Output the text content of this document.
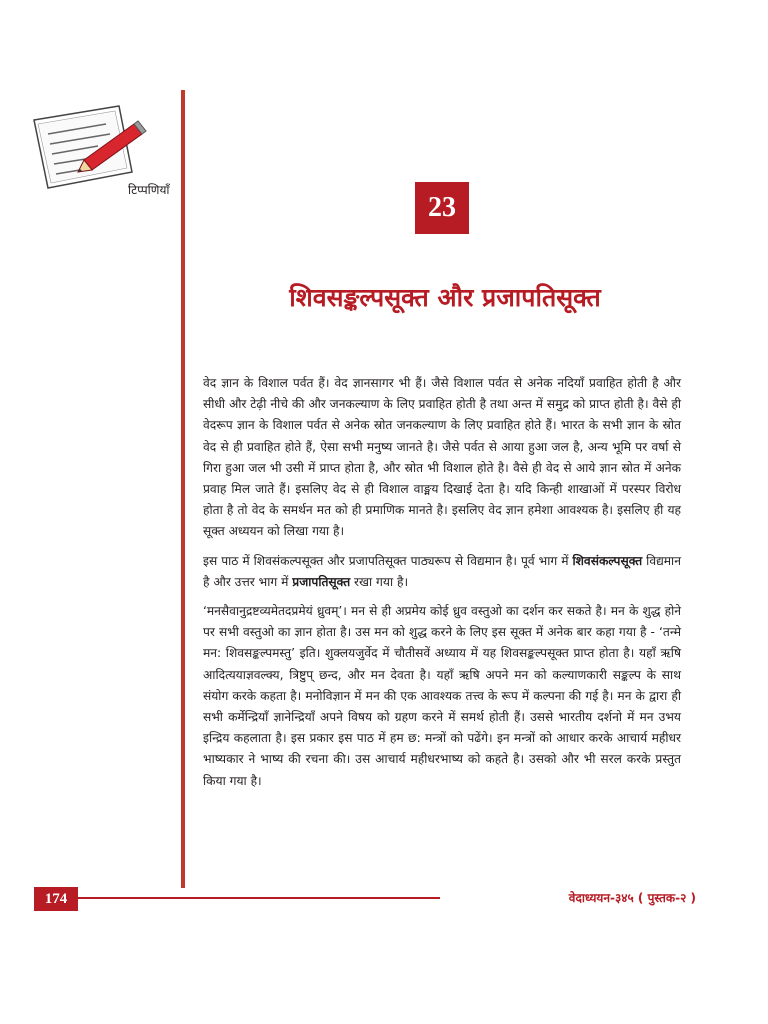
टिप्पणियाँ
23
शिवसङ्कल्पसूक्त और प्रजापतिसूक्त

वेद ज्ञान के विशाल पर्वत हैं। वेद ज्ञानसागर भी हैं। जैसे विशाल पर्वत से अनेक नदियाँ प्रवाहित होती है और सीधी और टेढ़ी नीचे की और जनकल्याण के लिए प्रवाहित होती है तथा अन्त में समुद्र को प्राप्त होती है। वैसे ही वेदरूप ज्ञान के विशाल पर्वत से अनेक स्रोत जनकल्याण के लिए प्रवाहित होते हैं। भारत के सभी ज्ञान के स्रोत वेद से ही प्रवाहित होते हैं, ऐसा सभी मनुष्य जानते है। जैसे पर्वत से आया हुआ जल है, अन्य भूमि पर वर्षा से गिरा हुआ जल भी उसी में प्राप्त होता है, और स्रोत भी विशाल होते है। वैसे ही वेद से आये ज्ञान स्रोत में अनेक प्रवाह मिल जाते हैं। इसलिए वेद से ही विशाल वाङ्मय दिखाई देता है। यदि किन्ही शाखाओं में परस्पर विरोध होता है तो वेद के समर्थन मत को ही प्रमाणिक मानते है। इसलिए वेद ज्ञान हमेशा आवश्यक है। इसलिए ही यह सूक्त अध्ययन को लिखा गया है।

इस पाठ में शिवसंकल्पसूक्त और प्रजापतिसूक्त पाठ्यरूप से विद्यमान है। पूर्व भाग में शिवसंकल्पसूक्त विद्यमान है और उत्तर भाग में प्रजापतिसूक्त रखा गया है।

‘मनसैवानुद्रष्टव्यमेतदप्रमेयं ध्रुवम्’। मन से ही अप्रमेय कोई ध्रुव वस्तुओ का दर्शन कर सकते है। मन के शुद्ध होने पर सभी वस्तुओ का ज्ञान होता है। उस मन को शुद्ध करने के लिए इस सूक्त में अनेक बार कहा गया है - ‘तन्मे मन: शिवसङ्कल्पमस्तु’ इति। शुक्लयजुर्वेद में चौतीसवें अध्याय में यह शिवसङ्कल्पसूक्त प्राप्त होता है। यहाँ ऋषि आदित्ययाज्ञवल्क्य, त्रिष्टुप् छन्द, और मन देवता है। यहाँ ऋषि अपने मन को कल्याणकारी सङ्कल्प के साथ संयोग करके कहता है। मनोविज्ञान में मन की एक आवश्यक तत्त्व के रूप में कल्पना की गई है। मन के द्वारा ही सभी कर्मेन्द्रियाँ ज्ञानेन्द्रियाँ अपने विषय को ग्रहण करने में समर्थ होती हैं। उससे भारतीय दर्शनो में मन उभय इन्द्रिय कहलाता है। इस प्रकार इस पाठ में हम छ: मन्त्रों को पढेंगे। इन मन्त्रों को आधार करके आचार्य महीधर भाष्यकार ने भाष्य की रचना की। उस आचार्य महीधरभाष्य को कहते है। उसको और भी सरल करके प्रस्तुत किया गया है।

174	वेदाध्ययन-३४५ ( पुस्तक-२ )
